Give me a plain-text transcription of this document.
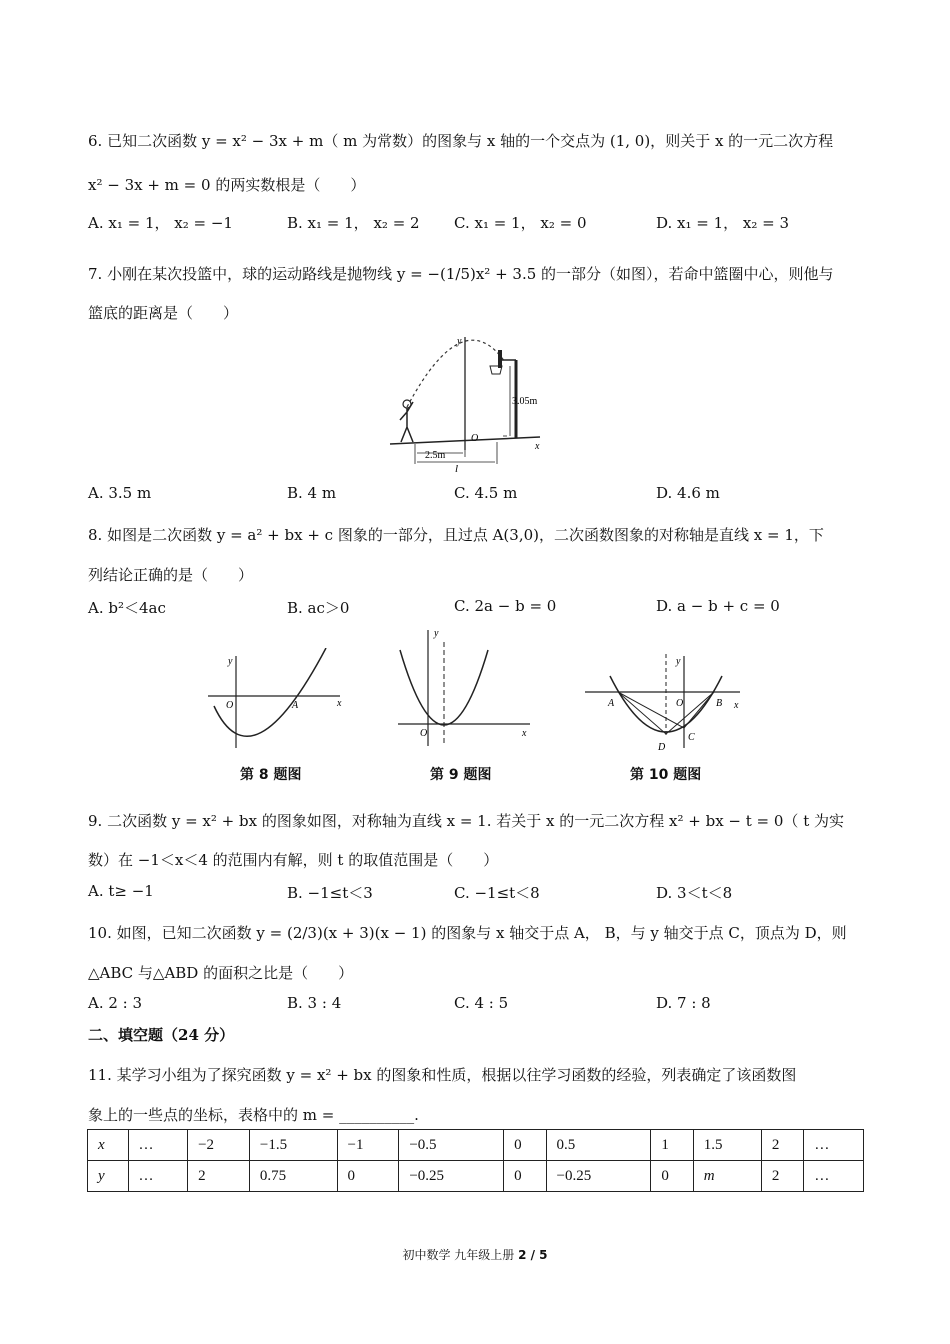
6. 已知二次函数 y = x² − 3x + m（ m 为常数）的图象与 x 轴的一个交点为 (1, 0)，则关于 x 的一元二次方程
x² − 3x + m = 0 的两实数根是（　　）
A. x₁ = 1， x₂ = −1	B. x₁ = 1， x₂ = 2 C. x₁ = 1， x₂ = 0	D. x₁ = 1， x₂ = 3
7. 小刚在某次投篮中，球的运动路线是抛物线 y = −(1/5)x² + 3.5 的一部分（如图），若命中篮圈中心，则他与
篮底的距离是（　　）
y
x
O
3.05m
2.5m
l
A. 3.5 m	B. 4 m	C. 4.5 m	D. 4.6 m
8. 如图是二次函数 y = a² + bx + c 图象的一部分，且过点 A(3,0)，二次函数图象的对称轴是直线 x = 1，下
列结论正确的是（　　）
A. b²＜4ac	B. ac＞0	C. 2a − b = 0	D. a − b + c = 0
y
O	A	x
第 8 题图
y
O	x
第 9 题图
y
A	O	B x
D
C
第 10 题图
9. 二次函数 y = x² + bx 的图象如图，对称轴为直线 x = 1. 若关于 x 的一元二次方程 x² + bx − t = 0（ t 为实
数）在 −1＜x＜4 的范围内有解，则 t 的取值范围是（　　）
A. t≥ −1	B. −1≤t＜3	C. −1≤t＜8	D. 3＜t＜8
10. 如图，已知二次函数 y = (2/3)(x + 3)(x − 1) 的图象与 x 轴交于点 A， B，与 y 轴交于点 C，顶点为 D，则
△ABC 与△ABD 的面积之比是（　　）
A. 2 : 3	B. 3 : 4	C. 4 : 5	D. 7 : 8
二、填空题（24 分）
11. 某学习小组为了探究函数 y = x² + bx 的图象和性质，根据以往学习函数的经验，列表确定了该函数图
象上的一些点的坐标，表格中的 m = __________.
x	…	−2	−1.5	−1	−0.5	0	0.5	1	1.5	2	…
y	…	2	0.75	0	−0.25	0	−0.25	0	m	2	…
初中数学 九年级上册 2 / 5
